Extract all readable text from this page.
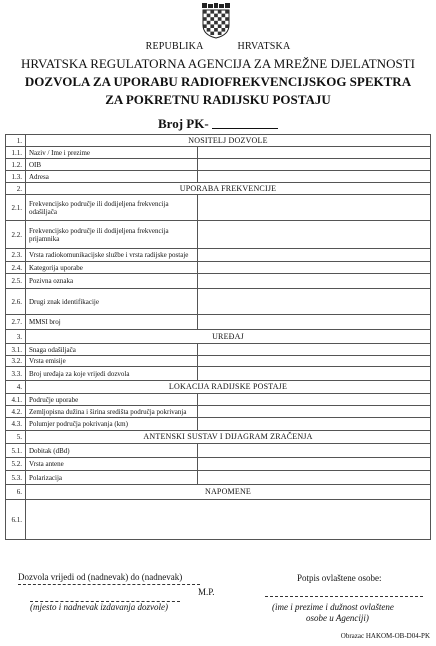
REPUBLIKA	HRVATSKA
HRVATSKA REGULATORNA AGENCIJA ZA MREŽNE DJELATNOSTI
DOZVOLA ZA UPORABU RADIOFREKVENCIJSKOG SPEKTRA
ZA POKRETNU RADIJSKU POSTAJU
Broj PK-
1.	NOSITELJ DOZVOLE	
1.1.	Naziv / Ime i prezime	
1.2.	OIB	
1.3.	Adresa	
2.	UPORABA FREKVENCIJE	
2.1.	Frekvencijsko područje ili dodijeljena frekvencija odašiljača	
2.2.	Frekvencijsko područje ili dodijeljena frekvencija prijamnika	
2.3.	Vrsta radiokomunikacijske službe i vrsta radijske postaje	
2.4.	Kategorija uporabe	
2.5.	Pozivna oznaka	
2.6.	Drugi znak identifikacije	
2.7.	MMSI broj	
3.	UREĐAJ	
3.1.	Snaga odašiljača	
3.2.	Vrsta emisije	
3.3.	Broj uređaja za koje vrijedi dozvola	
4.	LOKACIJA RADIJSKE POSTAJE	
4.1.	Područje uporabe	
4.2.	Zemljopisna dužina i širina središta područja pokrivanja	
4.3.	Polumjer područja pokrivanja (km)	
5.	ANTENSKI SUSTAV I DIJAGRAM ZRAČENJA	
5.1.	Dobitak (dBd)	
5.2.	Vrsta antene	
5.3.	Polarizacija	
6.	NAPOMENE	
6.1.		
Dozvola vrijedi od (nadnevak) do (nadnevak)	Potpis ovlaštene osobe:
M.P.
(mjesto i nadnevak izdavanja dozvole)	(ime i prezime i dužnost ovlaštene
osobe u Agenciji)
Obrazac HAKOM-OB-D04-PK
